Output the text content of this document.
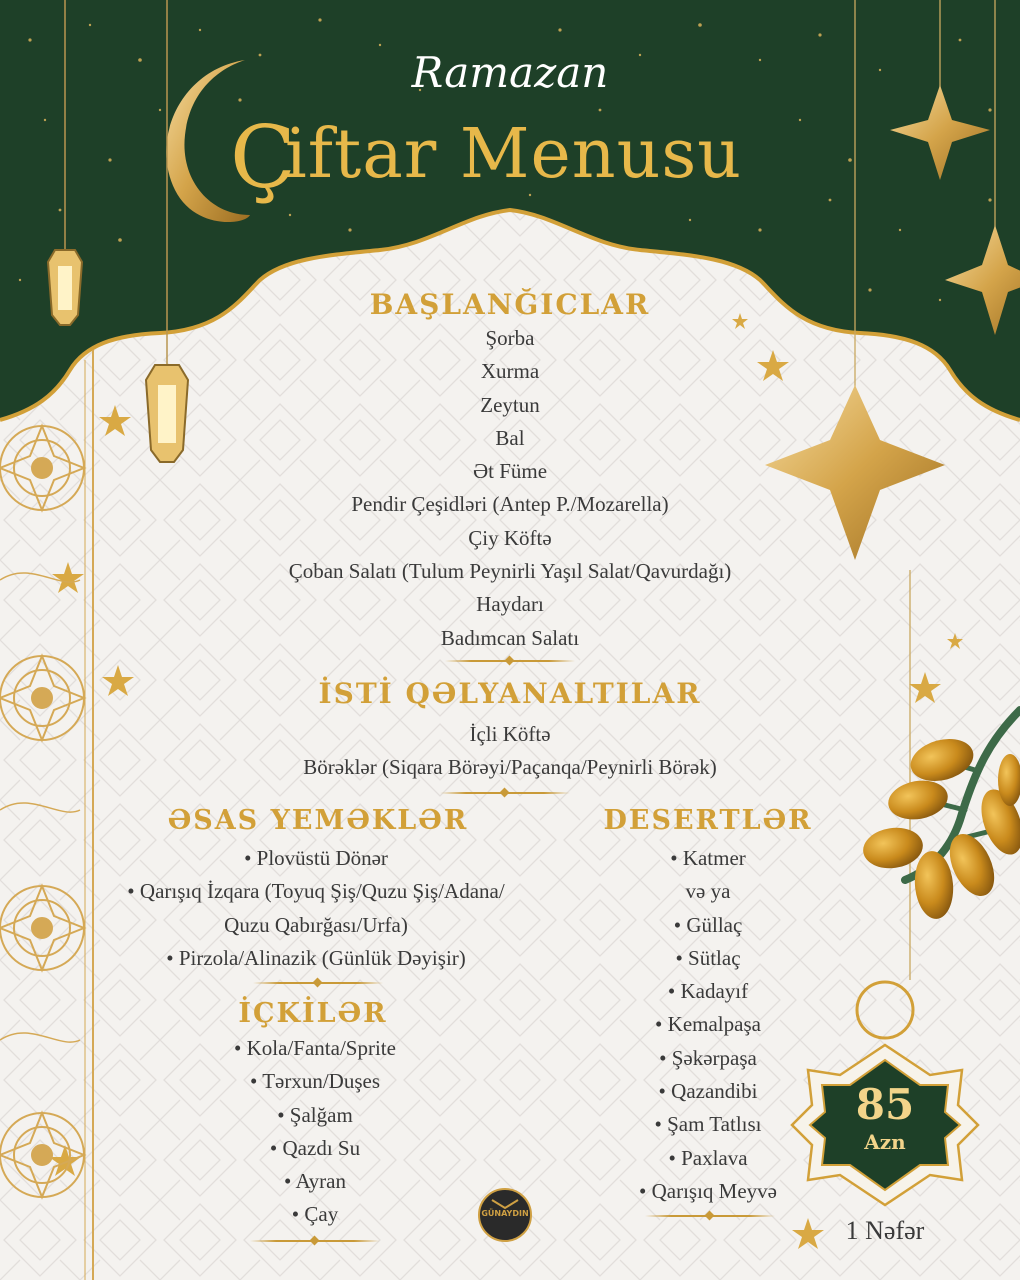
Ramazan
Ç
iftar Menusu
BAŞLANĞICLAR
Şorba
Xurma
Zeytun
Bal
Ət Füme
Pendir Çeşidləri (Antep P./Mozarella)
Çiy Köftə
Çoban Salatı (Tulum Peynirli Yaşıl Salat/Qavurdağı)
Haydarı
Badımcan Salatı
İSTİ QƏLYANALTILAR
İçli Köftə
Börəklər (Siqara Börəyi/Paçanqa/Peynirli Börək)
ƏSAS YEMƏKLƏR
• Plovüstü Dönər
• Qarışıq İzqara (Toyuq Şiş/Quzu Şiş/Adana/
Quzu Qabırğası/Urfa)
• Pirzola/Alinazik (Günlük Dəyişir)
İÇKİLƏR
• Kola/Fanta/Sprite
• Tərxun/Duşes
• Şalğam
• Qazdı Su
• Ayran
• Çay
DESERTLƏR
• Katmer
və ya
• Güllaç
• Sütlaç
• Kadayıf
• Kemalpaşa
• Şəkərpaşa
• Qazandibi
• Şam Tatlısı
• Paxlava
• Qarışıq Meyvə
85
Azn
1 Nəfər
GÜNAYDIN
